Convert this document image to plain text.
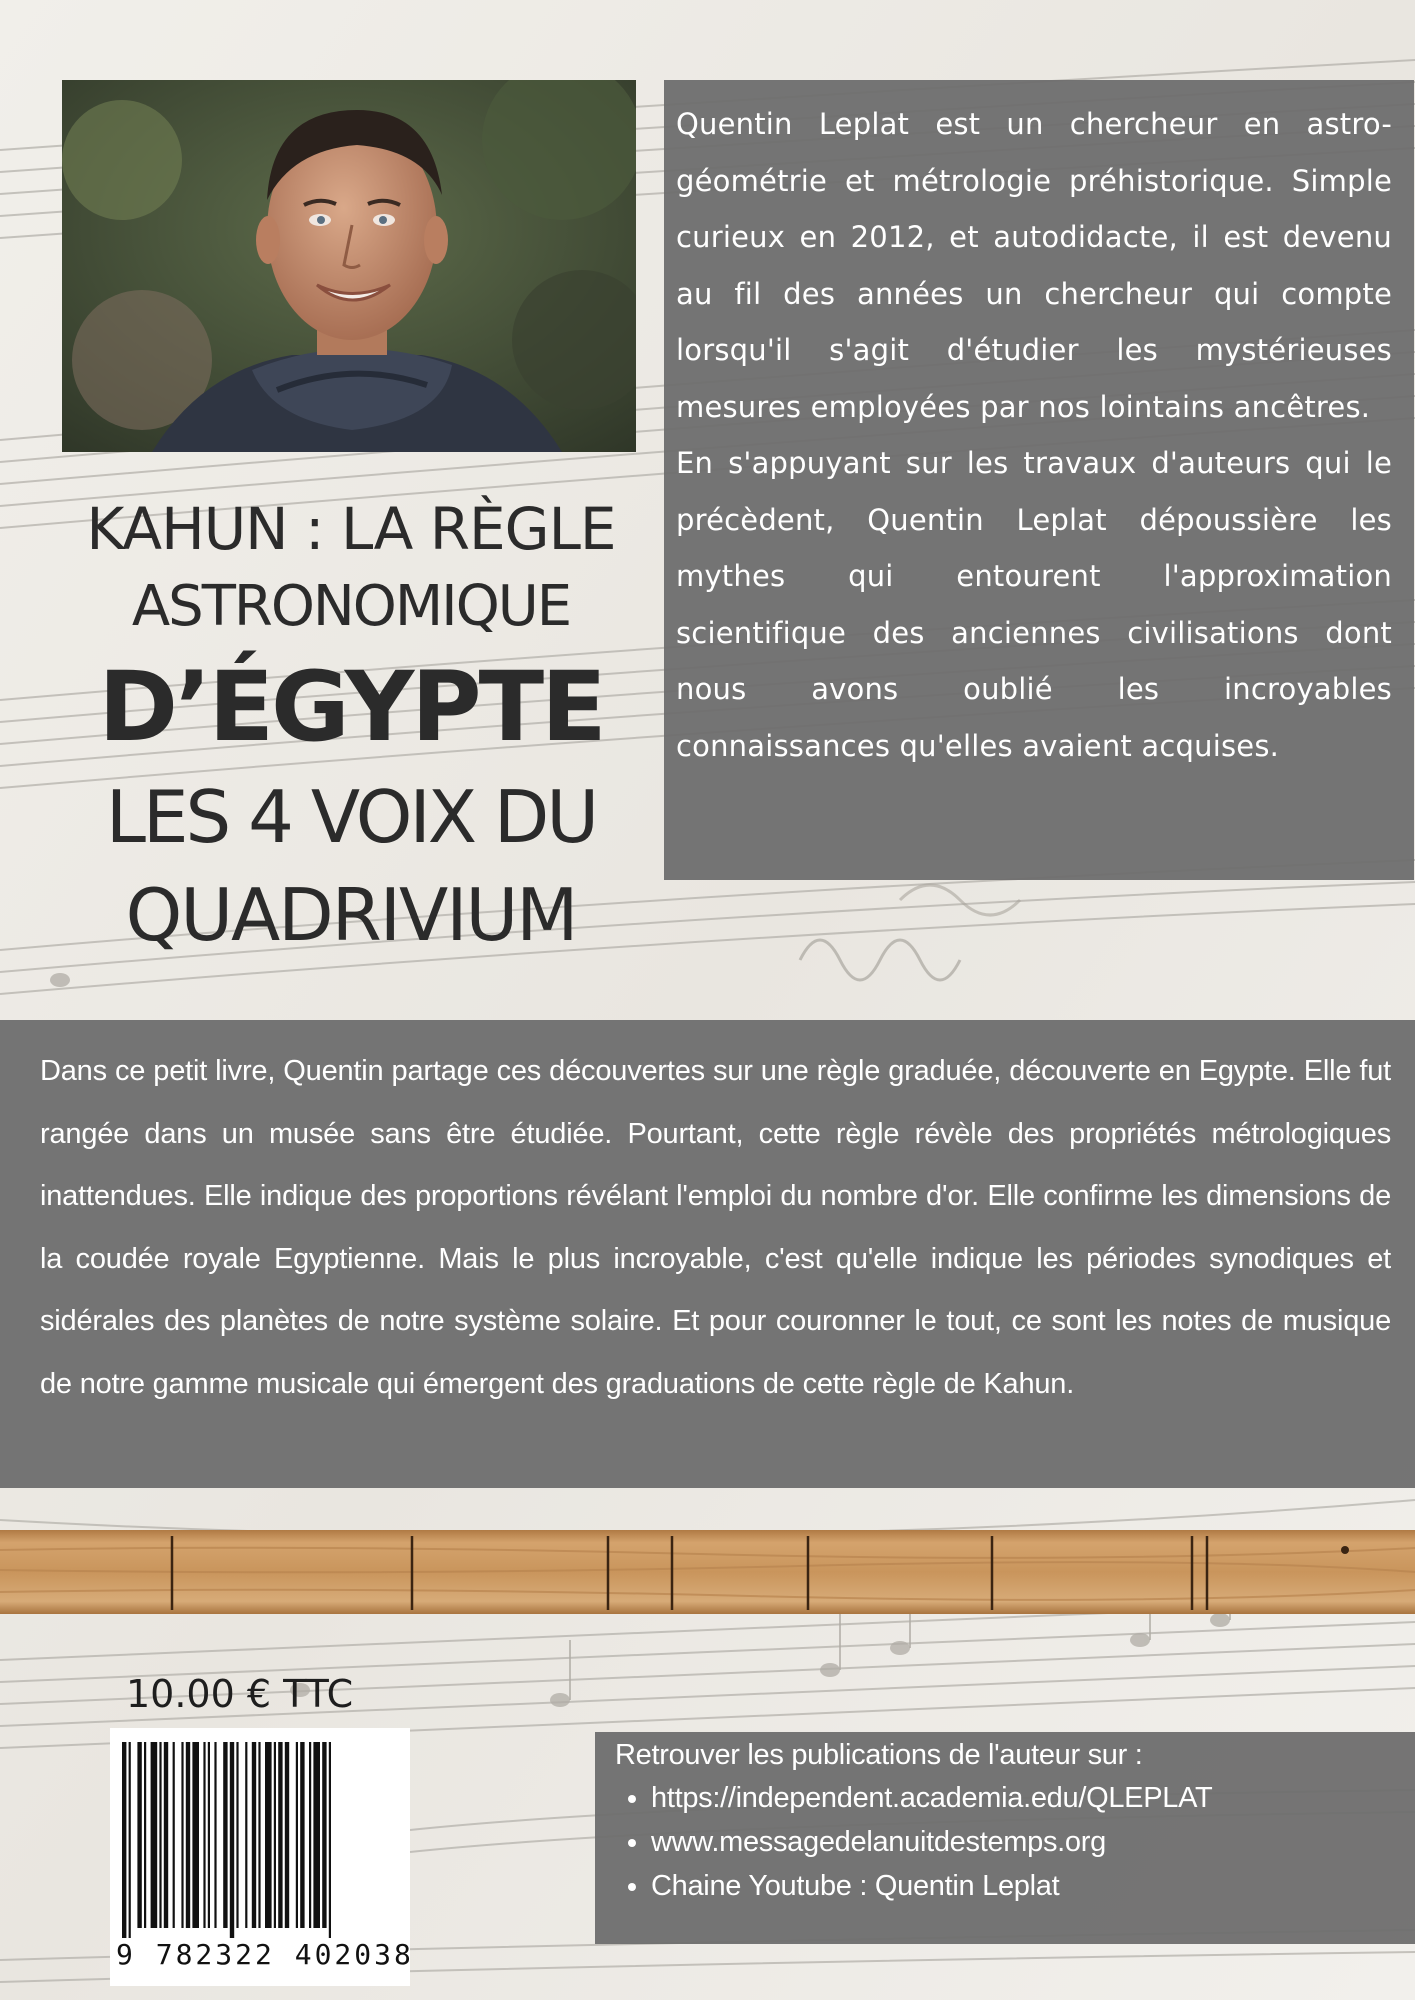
KAHUN : LA RÈGLE
ASTRONOMIQUE
D’ÉGYPTE
LES 4 VOIX DU
QUADRIVIUM

Quentin Leplat est un chercheur en astro-géométrie et métrologie préhistorique. Simple curieux en 2012, et autodidacte, il est devenu au fil des années un chercheur qui compte lorsqu'il s'agit d'étudier les mystérieuses mesures employées par nos lointains ancêtres.

En s'appuyant sur les travaux d'auteurs qui le précèdent, Quentin Leplat dépoussière les mythes qui entourent l'approximation scientifique des anciennes civilisations dont nous avons oublié les incroyables connaissances qu'elles avaient acquises.

Dans ce petit livre, Quentin partage ces découvertes sur une règle graduée, découverte en Egypte. Elle fut rangée dans un musée sans être étudiée. Pourtant, cette règle révèle des propriétés métrologiques inattendues. Elle indique des proportions révélant l'emploi du nombre d'or. Elle confirme les dimensions de la coudée royale Egyptienne. Mais le plus incroyable, c'est qu'elle indique les périodes synodiques et sidérales des planètes de notre système solaire. Et pour couronner le tout, ce sont les notes de musique de notre gamme musicale qui émergent des graduations de cette règle de Kahun.

10.00 € TTC
9 782322 402038
Retrouver les publications de l'auteur sur :
• https://independent.academia.edu/QLEPLAT
• www.messagedelanuitdestemps.org
• Chaine Youtube : Quentin Leplat
